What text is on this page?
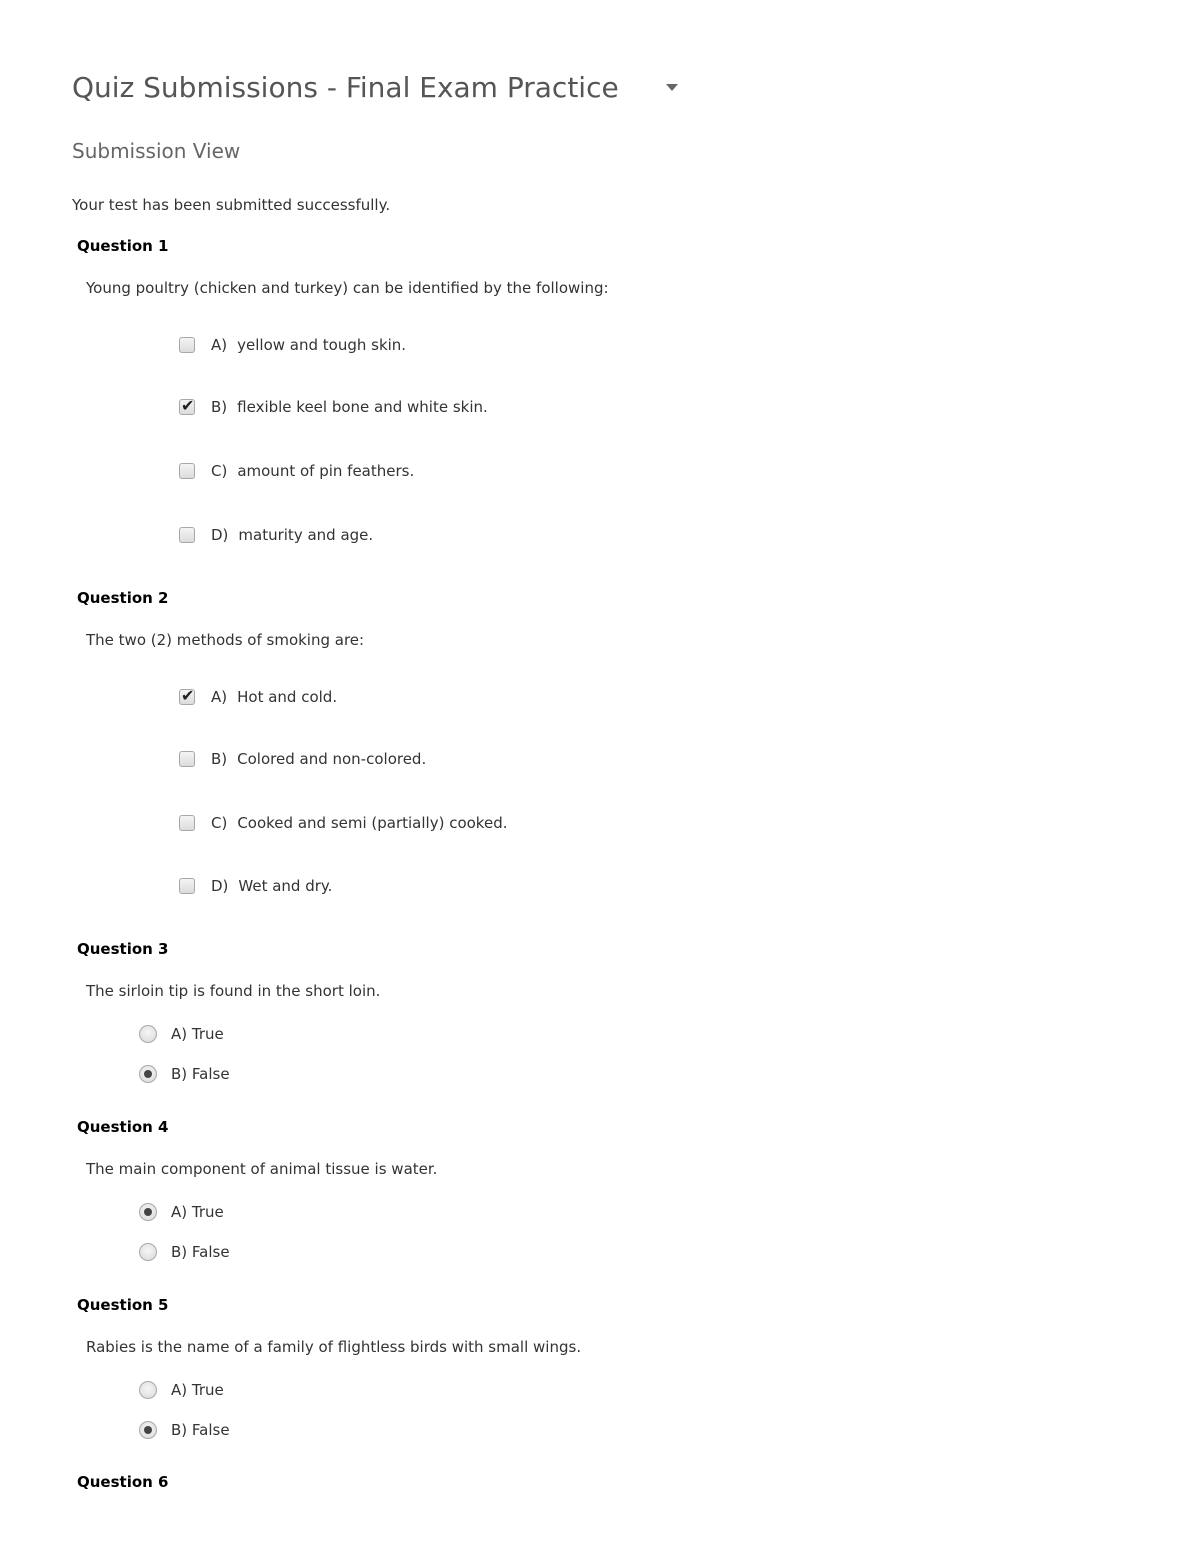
Quiz Submissions - Final Exam Practice
Submission View
Your test has been submitted successfully.
Question 1
Young poultry (chicken and turkey) can be identified by the following:
A) yellow and tough skin.
✔ B) flexible keel bone and white skin.
C) amount of pin feathers.
D) maturity and age.
Question 2
The two (2) methods of smoking are:
✔ A) Hot and cold.
B) Colored and non-colored.
C) Cooked and semi (partially) cooked.
D) Wet and dry.
Question 3
The sirloin tip is found in the short loin.
A) True
B) False
Question 4
The main component of animal tissue is water.
A) True
B) False
Question 5
Rabies is the name of a family of flightless birds with small wings.
A) True
B) False
Question 6
